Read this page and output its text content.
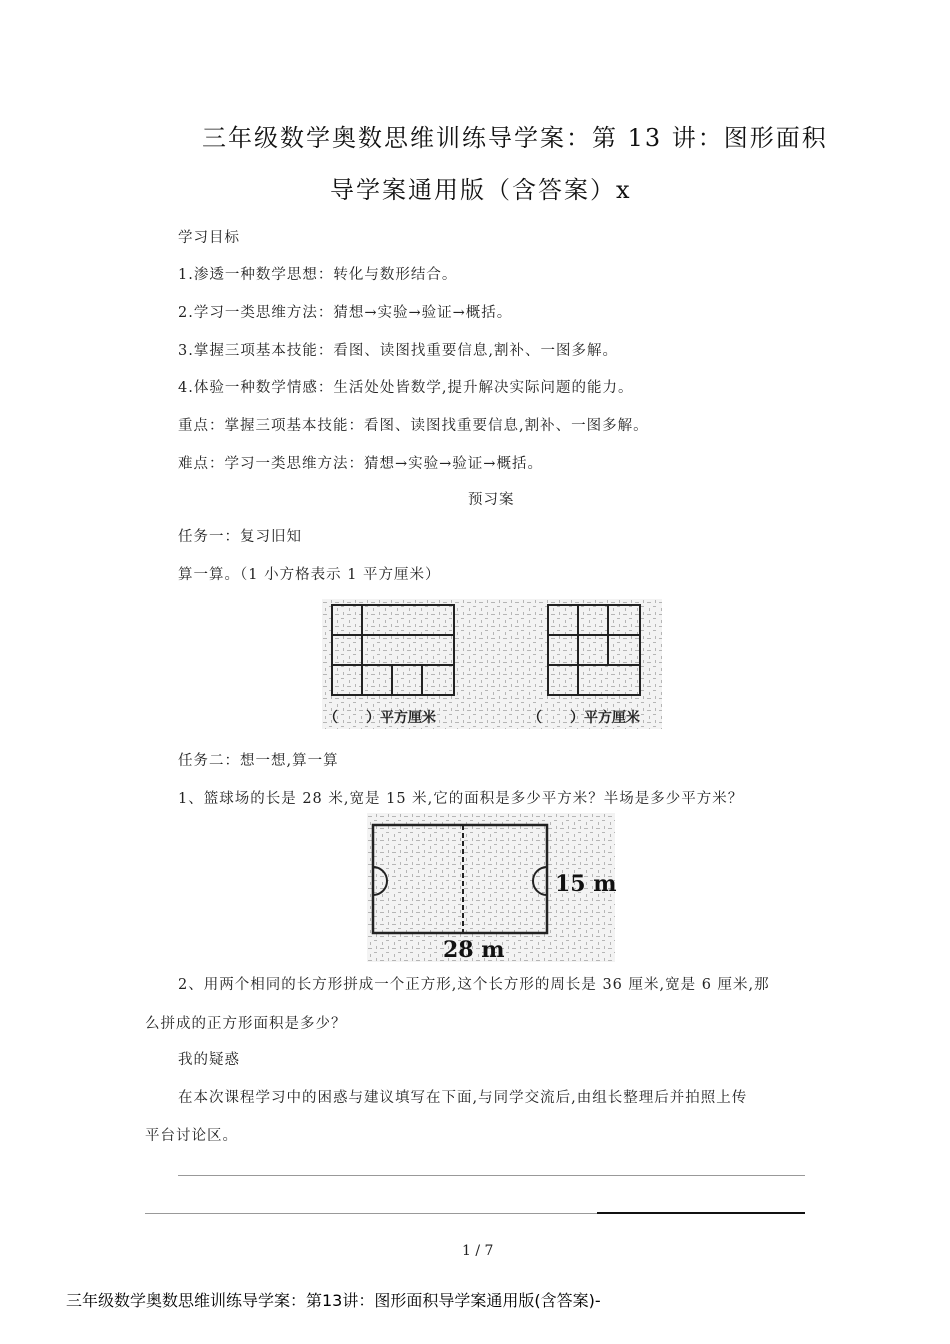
三年级数学奥数思维训练导学案：第 13 讲：图形面积
导学案通用版（含答案）x
学习目标
1.渗透一种数学思想：转化与数形结合。
2.学习一类思维方法：猜想→实验→验证→概括。
3.掌握三项基本技能：看图、读图找重要信息,割补、一图多解。
4.体验一种数学情感：生活处处皆数学,提升解决实际问题的能力。
重点：掌握三项基本技能：看图、读图找重要信息,割补、一图多解。
难点：学习一类思维方法：猜想→实验→验证→概括。
预习案
任务一：复习旧知
算一算。（1 小方格表示 1 平方厘米）
（　　）平方厘米	（　　）平方厘米
任务二：想一想,算一算
1、篮球场的长是 28 米,宽是 15 米,它的面积是多少平方米？半场是多少平方米？
15 m
28 m
2、用两个相同的长方形拼成一个正方形,这个长方形的周长是 36 厘米,宽是 6 厘米,那
么拼成的正方形面积是多少？
我的疑惑
在本次课程学习中的困惑与建议填写在下面,与同学交流后,由组长整理后并拍照上传
平台讨论区。
1 / 7
三年级数学奥数思维训练导学案：第13讲：图形面积导学案通用版(含答案)-
